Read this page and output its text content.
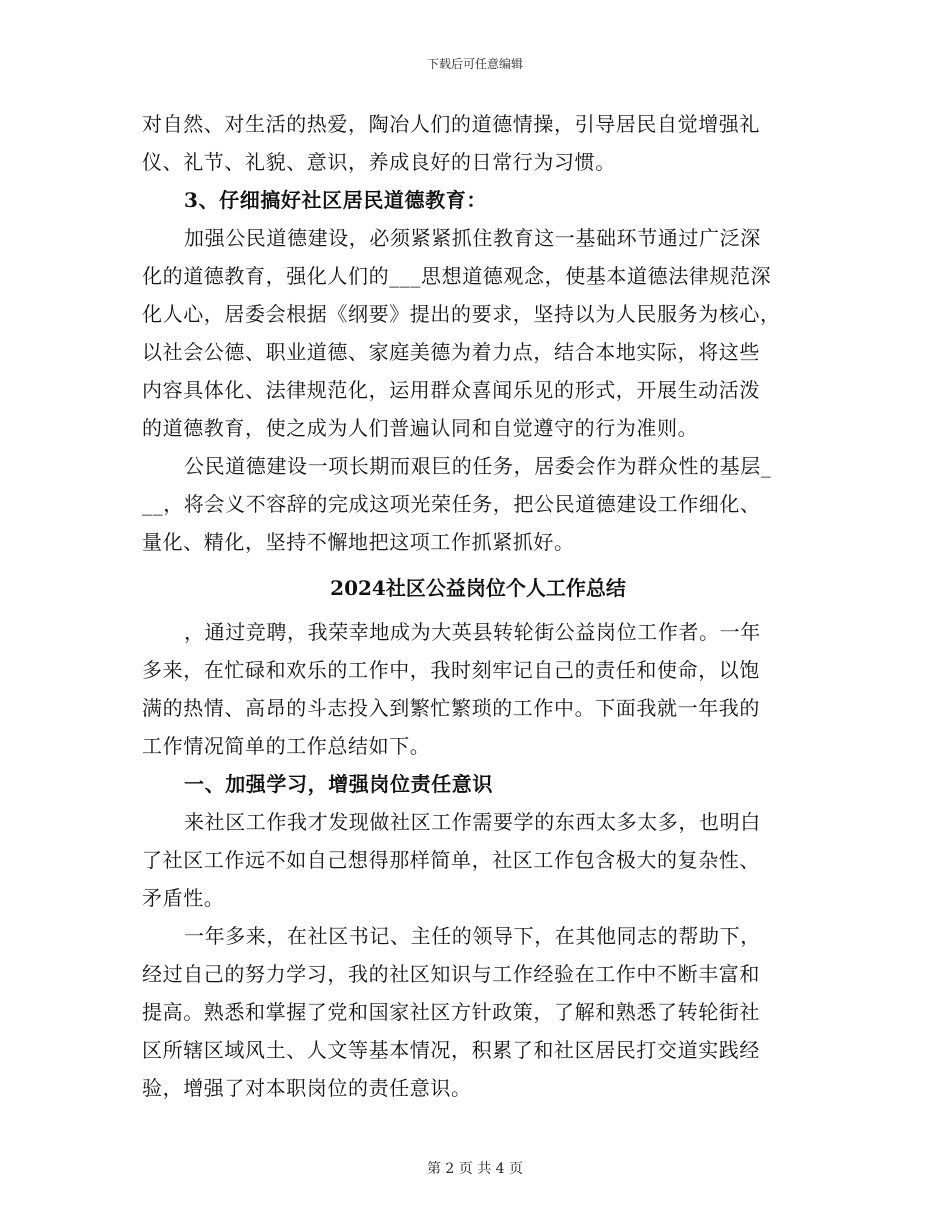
下载后可任意编辑
对自然、对生活的热爱，陶冶人们的道德情操，引导居民自觉增强礼
仪、礼节、礼貌、意识，养成良好的日常行为习惯。
3、仔细搞好社区居民道德教育：
加强公民道德建设，必须紧紧抓住教育这一基础环节通过广泛深
化的道德教育，强化人们的___思想道德观念，使基本道德法律规范深
化人心，居委会根据《纲要》提出的要求，坚持以为人民服务为核心，
以社会公德、职业道德、家庭美德为着力点，结合本地实际，将这些
内容具体化、法律规范化，运用群众喜闻乐见的形式，开展生动活泼
的道德教育，使之成为人们普遍认同和自觉遵守的行为准则。
公民道德建设一项长期而艰巨的任务，居委会作为群众性的基层_
__，将会义不容辞的完成这项光荣任务，把公民道德建设工作细化、
量化、精化，坚持不懈地把这项工作抓紧抓好。
2024社区公益岗位个人工作总结
，通过竞聘，我荣幸地成为大英县转轮街公益岗位工作者。一年
多来，在忙碌和欢乐的工作中，我时刻牢记自己的责任和使命，以饱
满的热情、高昂的斗志投入到繁忙繁琐的工作中。下面我就一年我的
工作情况简单的工作总结如下。
一、加强学习，增强岗位责任意识
来社区工作我才发现做社区工作需要学的东西太多太多，也明白
了社区工作远不如自己想得那样简单，社区工作包含极大的复杂性、
矛盾性。
一年多来，在社区书记、主任的领导下，在其他同志的帮助下，
经过自己的努力学习，我的社区知识与工作经验在工作中不断丰富和
提高。熟悉和掌握了党和国家社区方针政策，了解和熟悉了转轮街社
区所辖区域风土、人文等基本情况，积累了和社区居民打交道实践经
验，增强了对本职岗位的责任意识。
第 2 页 共 4 页
